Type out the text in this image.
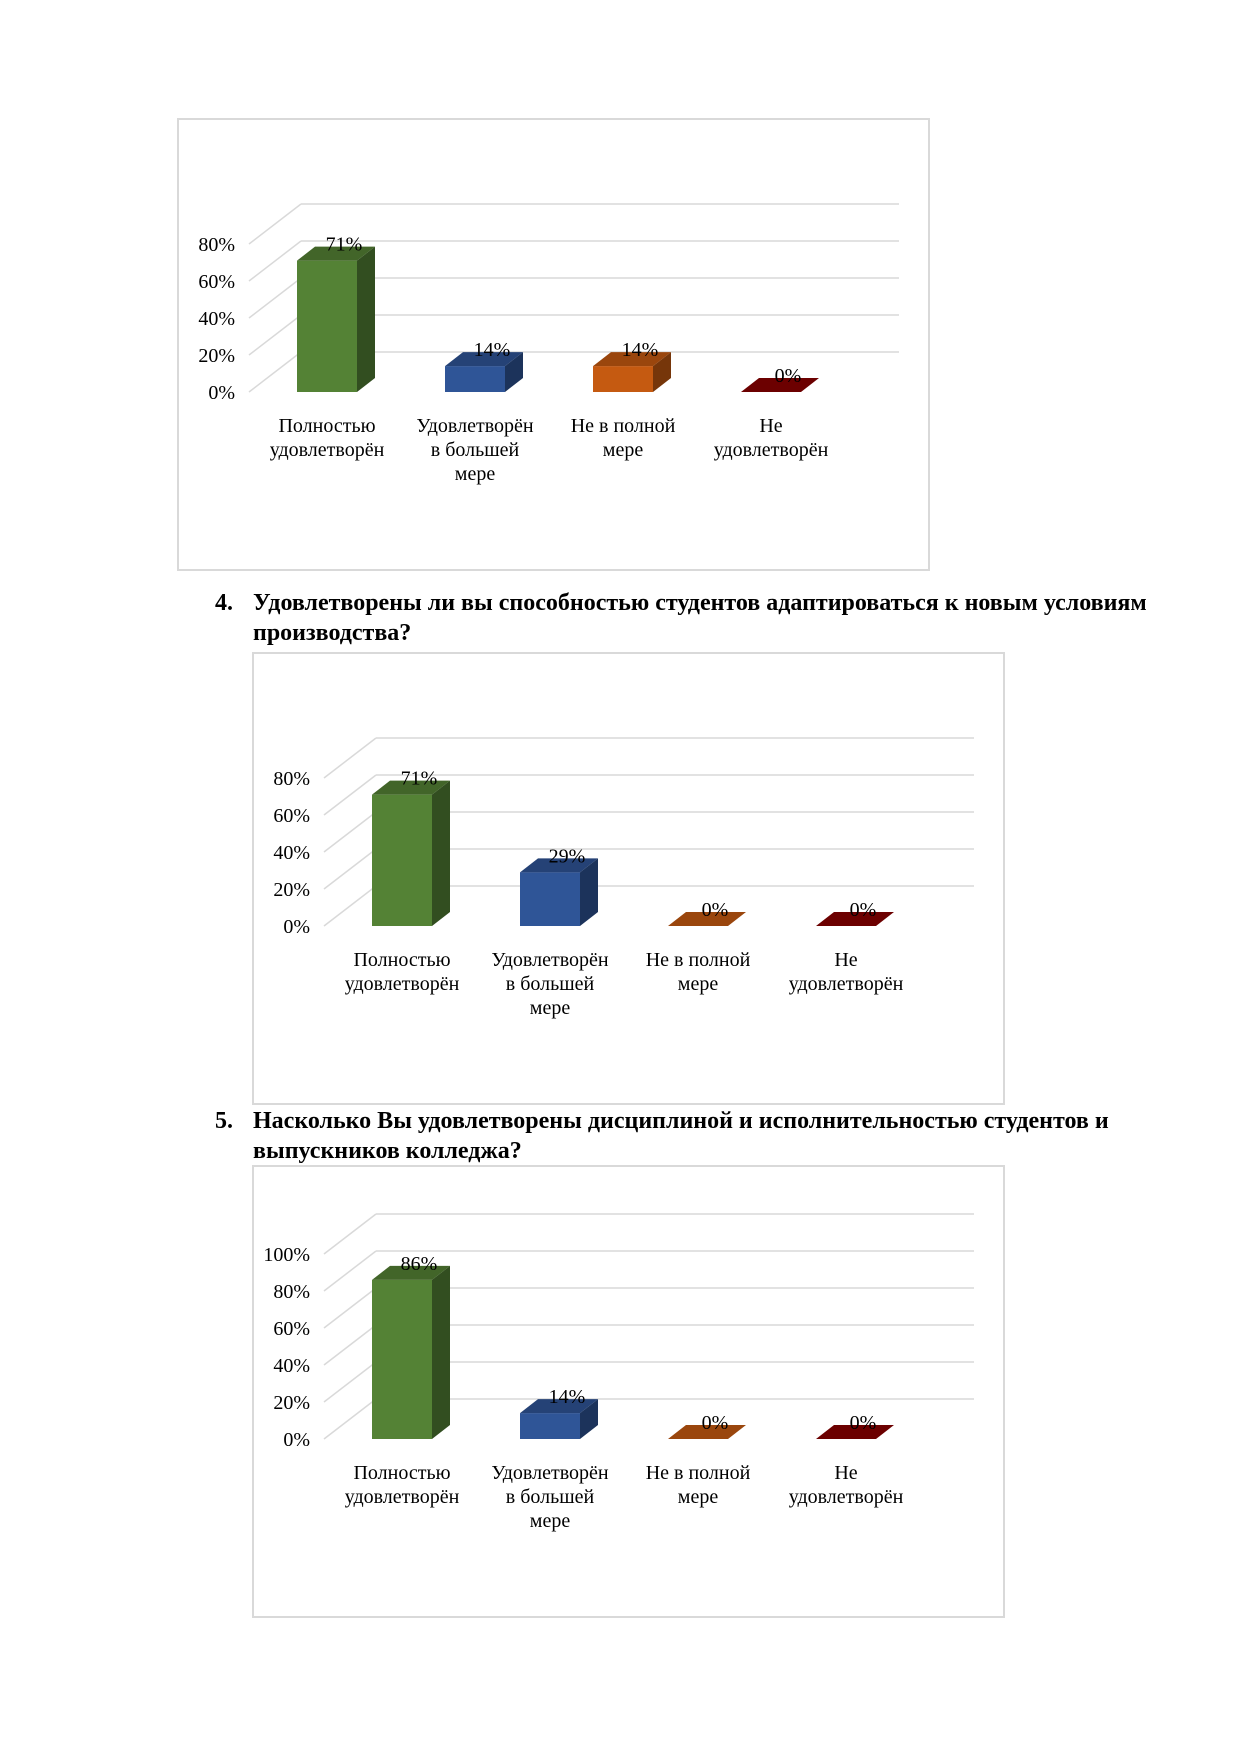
0%
20%
40%
60%
80%	71%
14%	14%
0%
Полностью удовлетворён
Удовлетворён в большей мере
Не в полной мере
Не удовлетворён
4. Удовлетворены ли вы способностью студентов адаптироваться к новым условиям производства?
0%
20%
40%
60%
80%	71%
29%
0%	0%
Полностью удовлетворён
Удовлетворён в большей мере
Не в полной мере
Не удовлетворён
5. Насколько Вы удовлетворены дисциплиной и исполнительностью студентов и выпускников колледжа?
0%
20%
40%
60%
80%
100%	86%
14%
0%	0%
Полностью удовлетворён
Удовлетворён в большей мере
Не в полной мере
Не удовлетворён
